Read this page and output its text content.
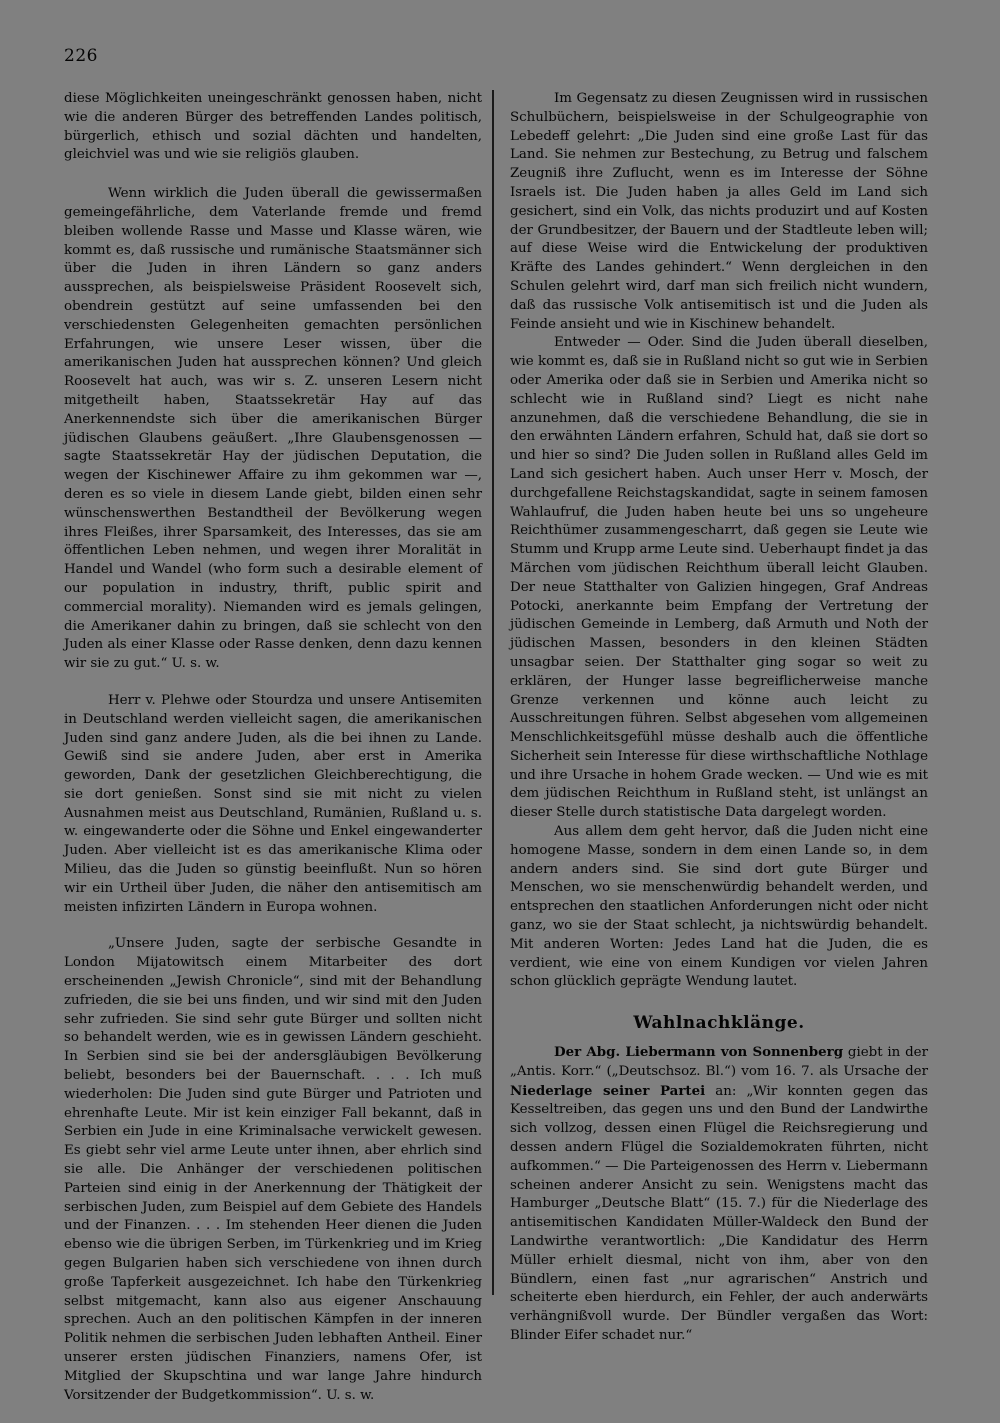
226

diese Möglichkeiten uneingeschränkt genossen haben, nicht wie die anderen Bürger des betreffenden Landes politisch, bürgerlich, ethisch und sozial dächten und handelten, gleichviel was und wie sie religiös glauben.

Wenn wirklich die Juden überall die gewissermaßen gemeingefährliche, dem Vaterlande fremde und fremd bleiben wollende Rasse und Masse und Klasse wären, wie kommt es, daß russische und rumänische Staatsmänner sich über die Juden in ihren Ländern so ganz anders aussprechen, als beispielsweise Präsident Roosevelt sich, obendrein gestützt auf seine umfassenden bei den verschiedensten Gelegenheiten gemachten persönlichen Erfahrungen, wie unsere Leser wissen, über die amerikanischen Juden hat aussprechen können? Und gleich Roosevelt hat auch, was wir s. Z. unseren Lesern nicht mitgetheilt haben, Staatssekretär Hay auf das Anerkennendste sich über die amerikanischen Bürger jüdischen Glaubens geäußert. „Ihre Glaubensgenossen — sagte Staatssekretär Hay der jüdischen Deputation, die wegen der Kischinewer Affaire zu ihm gekommen war —, deren es so viele in diesem Lande giebt, bilden einen sehr wünschenswerthen Bestandtheil der Bevölkerung wegen ihres Fleißes, ihrer Sparsamkeit, des Interesses, das sie am öffentlichen Leben nehmen, und wegen ihrer Moralität in Handel und Wandel (who form such a desirable element of our population in industry, thrift, public spirit and commercial morality). Niemanden wird es jemals gelingen, die Amerikaner dahin zu bringen, daß sie schlecht von den Juden als einer Klasse oder Rasse denken, denn dazu kennen wir sie zu gut.“ U. s. w.

Herr v. Plehwe oder Stourdza und unsere Antisemiten in Deutschland werden vielleicht sagen, die amerikanischen Juden sind ganz andere Juden, als die bei ihnen zu Lande. Gewiß sind sie andere Juden, aber erst in Amerika geworden, Dank der gesetzlichen Gleichberechtigung, die sie dort genießen. Sonst sind sie mit nicht zu vielen Ausnahmen meist aus Deutschland, Rumänien, Rußland u. s. w. eingewanderte oder die Söhne und Enkel eingewanderter Juden. Aber vielleicht ist es das amerikanische Klima oder Milieu, das die Juden so günstig beeinflußt. Nun so hören wir ein Urtheil über Juden, die näher den antisemitisch am meisten infizirten Ländern in Europa wohnen.

„Unsere Juden, sagte der serbische Gesandte in London Mijatowitsch einem Mitarbeiter des dort erscheinenden „Jewish Chronicle“, sind mit der Behandlung zufrieden, die sie bei uns finden, und wir sind mit den Juden sehr zufrieden. Sie sind sehr gute Bürger und sollten nicht so behandelt werden, wie es in gewissen Ländern geschieht. In Serbien sind sie bei der andersgläubigen Bevölkerung beliebt, besonders bei der Bauernschaft. . . . Ich muß wiederholen: Die Juden sind gute Bürger und Patrioten und ehrenhafte Leute. Mir ist kein einziger Fall bekannt, daß in Serbien ein Jude in eine Kriminalsache verwickelt gewesen. Es giebt sehr viel arme Leute unter ihnen, aber ehrlich sind sie alle. Die Anhänger der verschiedenen politischen Parteien sind einig in der Anerkennung der Thätigkeit der serbischen Juden, zum Beispiel auf dem Gebiete des Handels und der Finanzen. . . . Im stehenden Heer dienen die Juden ebenso wie die übrigen Serben, im Türkenkrieg und im Krieg gegen Bulgarien haben sich verschiedene von ihnen durch große Tapferkeit ausgezeichnet. Ich habe den Türkenkrieg selbst mitgemacht, kann also aus eigener Anschauung sprechen. Auch an den politischen Kämpfen in der inneren Politik nehmen die serbischen Juden lebhaften Antheil. Einer unserer ersten jüdischen Finanziers, namens Ofer, ist Mitglied der Skupschtina und war lange Jahre hindurch Vorsitzender der Budgetkommission“. U. s. w.

Im Gegensatz zu diesen Zeugnissen wird in russischen Schulbüchern, beispielsweise in der Schulgeographie von Lebedeff gelehrt: „Die Juden sind eine große Last für das Land. Sie nehmen zur Bestechung, zu Betrug und falschem Zeugniß ihre Zuflucht, wenn es im Interesse der Söhne Israels ist. Die Juden haben ja alles Geld im Land sich gesichert, sind ein Volk, das nichts produzirt und auf Kosten der Grundbesitzer, der Bauern und der Stadtleute leben will; auf diese Weise wird die Entwickelung der produktiven Kräfte des Landes gehindert.“ Wenn dergleichen in den Schulen gelehrt wird, darf man sich freilich nicht wundern, daß das russische Volk antisemitisch ist und die Juden als Feinde ansieht und wie in Kischinew behandelt.

Entweder — Oder. Sind die Juden überall dieselben, wie kommt es, daß sie in Rußland nicht so gut wie in Serbien oder Amerika oder daß sie in Serbien und Amerika nicht so schlecht wie in Rußland sind? Liegt es nicht nahe anzunehmen, daß die verschiedene Behandlung, die sie in den erwähnten Ländern erfahren, Schuld hat, daß sie dort so und hier so sind? Die Juden sollen in Rußland alles Geld im Land sich gesichert haben. Auch unser Herr v. Mosch, der durchgefallene Reichstagskandidat, sagte in seinem famosen Wahlaufruf, die Juden haben heute bei uns so ungeheure Reichthümer zusammengescharrt, daß gegen sie Leute wie Stumm und Krupp arme Leute sind. Ueberhaupt findet ja das Märchen vom jüdischen Reichthum überall leicht Glauben. Der neue Statthalter von Galizien hingegen, Graf Andreas Potocki, anerkannte beim Empfang der Vertretung der jüdischen Gemeinde in Lemberg, daß Armuth und Noth der jüdischen Massen, besonders in den kleinen Städten unsagbar seien. Der Statthalter ging sogar so weit zu erklären, der Hunger lasse begreiflicherweise manche Grenze verkennen und könne auch leicht zu Ausschreitungen führen. Selbst abgesehen vom allgemeinen Menschlichkeitsgefühl müsse deshalb auch die öffentliche Sicherheit sein Interesse für diese wirthschaftliche Nothlage und ihre Ursache in hohem Grade wecken. — Und wie es mit dem jüdischen Reichthum in Rußland steht, ist unlängst an dieser Stelle durch statistische Data dargelegt worden.

Aus allem dem geht hervor, daß die Juden nicht eine homogene Masse, sondern in dem einen Lande so, in dem andern anders sind. Sie sind dort gute Bürger und Menschen, wo sie menschenwürdig behandelt werden, und entsprechen den staatlichen Anforderungen nicht oder nicht ganz, wo sie der Staat schlecht, ja nichtswürdig behandelt. Mit anderen Worten: Jedes Land hat die Juden, die es verdient, wie eine von einem Kundigen vor vielen Jahren schon glücklich geprägte Wendung lautet.

Wahlnachklänge.

Der Abg. Liebermann von Sonnenberg giebt in der „Antis. Korr.“ („Deutschsoz. Bl.“) vom 16. 7. als Ursache der Niederlage seiner Partei an: „Wir konnten gegen das Kesseltreiben, das gegen uns und den Bund der Landwirthe sich vollzog, dessen einen Flügel die Reichsregierung und dessen andern Flügel die Sozialdemokraten führten, nicht aufkommen.“ — Die Parteigenossen des Herrn v. Liebermann scheinen anderer Ansicht zu sein. Wenigstens macht das Hamburger „Deutsche Blatt“ (15. 7.) für die Niederlage des antisemitischen Kandidaten Müller-Waldeck den Bund der Landwirthe verantwortlich: „Die Kandidatur des Herrn Müller erhielt diesmal, nicht von ihm, aber von den Bündlern, einen fast „nur agrarischen“ Anstrich und scheiterte eben hierdurch, ein Fehler, der auch anderwärts verhängnißvoll wurde. Der Bündler vergaßen das Wort: Blinder Eifer schadet nur.“
